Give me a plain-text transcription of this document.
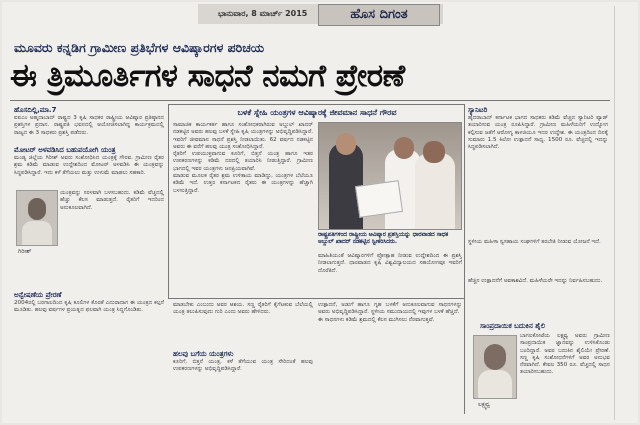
ಭಾನುವಾರ, 8 ಮಾರ್ಚ್ 2015	ಹೊಸ ದಿಗಂತ
ಮೂವರು ಕನ್ನಡಿಗ ಗ್ರಾಮೀಣ ಪ್ರತಿಭೆಗಳ ಆವಿಷ್ಕಾರಗಳ ಪರಿಚಯ
ಈ ತ್ರಿಮೂರ್ತಿಗಳ ಸಾಧನೆ ನಮಗೆ ಪ್ರೇರಣೆ
ಹೊಸದಿಲ್ಲಿ,ಮಾ.7

ಐಐಎಂ ಅಹ್ಮದಾಬಾದ್ ರಾಷ್ಟ್ರದ 3 ಕೃಷಿ ಸಾಧಕರ ರಾಷ್ಟ್ರೀಯ ಆವಿಷ್ಕಾರ ಪ್ರತಿಷ್ಠಾನದ ಪ್ರಶಸ್ತಿಗಳ ಪ್ರದಾನ. ರಾಷ್ಟ್ರಪತಿ ಭವನದಲ್ಲಿ ಆಯೋಜಿಸಲಾಗಿದ್ದ ಕಾರ್ಯಕ್ರಮದಲ್ಲಿ ರಾಜ್ಯದ ಈ 3 ಸಾಧಕರು ಪ್ರಶಸ್ತಿ ಪಡೆದರು.

ಮೋಟರ್ ಅಳವಡಿಸಿದ ಬಹುಪಯೋಗಿ ಯಂತ್ರ

ಮಂಡ್ಯ ಜಿಲ್ಲೆಯ ಗಿರೀಶ್ ಅವರು ಸಂಶೋಧಿಸಿದ ಯಂತ್ರಕ್ಕೆ ಗೌರವ. ಗ್ರಾಮೀಣ ರೈತರ ಶ್ರಮ ಕಡಿಮೆ ಮಾಡುವ ಉದ್ದೇಶದಿಂದ ಮೋಟರ್ ಅಳವಡಿಸಿ ಈ ಯಂತ್ರವನ್ನು ಸಿದ್ಧಪಡಿಸಿದ್ದಾರೆ. ಇದು ಕಳೆ ತೆಗೆಯಲು ಮತ್ತು ಉಳುಮೆ ಮಾಡಲು ಸಹಕಾರಿ.

ಗಿರೀಶ್

ಯಂತ್ರವನ್ನು ಸರಳವಾಗಿ ಬಳಸಬಹುದು. ಕಡಿಮೆ ವೆಚ್ಚದಲ್ಲಿ ಹೆಚ್ಚು ಕೆಲಸ ಮಾಡುತ್ತದೆ. ರೈತರಿಗೆ ಇದರಿಂದ ಅನುಕೂಲವಾಗಿದೆ.

ಅನ್ವೇಷಣೆಯ ಪ್ರೇರಣೆ

2004ರಲ್ಲಿ ಬರಗಾಲದಿಂದ ಕೃಷಿ ಕೂಲಿಗಳ ಕೊರತೆ ಎದುರಾದಾಗ ಈ ಯಂತ್ರದ ಕಲ್ಪನೆ ಮೂಡಿತು. ಹಲವು ವರ್ಷಗಳ ಪ್ರಯತ್ನದ ಫಲವಾಗಿ ಯಂತ್ರ ಸಿದ್ಧಗೊಂಡಿತು.

ಬಳಕೆ ಸ್ನೇಹಿ ಯಂತ್ರಗಳ ಆವಿಷ್ಕಾರಕ್ಕೆ ಜೀವಮಾನ ಸಾಧನೆ ಗೌರವ

ಸಾಮಾಜಿಕ ಕಾರ್ಯಕರ್ತ ಹಾಗೂ ಸಂಶೋಧಕರಾಗಿರುವ ಅಬ್ದುಲ್ ಖಾದರ್ ನಡಕಟ್ಟಿನ ಅವರು ಹಲವು ಬಳಕೆ ಸ್ನೇಹಿ ಕೃಷಿ ಯಂತ್ರಗಳನ್ನು ಅಭಿವೃದ್ಧಿಪಡಿಸಿದ್ದಾರೆ. ಇವರಿಗೆ ಜೀವಮಾನ ಸಾಧನೆ ಪ್ರಶಸ್ತಿ ನೀಡಲಾಯಿತು. 62 ವರ್ಷದ ನಡಕಟ್ಟಿನ ಅವರು ಈ ವರೆಗೆ ಹಲವು ಯಂತ್ರ ಸಂಶೋಧಿಸಿದ್ದಾರೆ.

ರೈತರಿಗೆ ಉಪಯುಕ್ತವಾಗುವ ಕೂರಿಗೆ, ಬಿತ್ತನೆ ಯಂತ್ರ ಹಾಗೂ ಇತರ ಉಪಕರಣಗಳನ್ನು ಕಡಿಮೆ ದರದಲ್ಲಿ ತಯಾರಿಸಿ ನೀಡುತ್ತಿದ್ದಾರೆ. ಗ್ರಾಮೀಣ ಭಾಗದಲ್ಲಿ ಇವರ ಯಂತ್ರಗಳು ಜನಪ್ರಿಯವಾಗಿವೆ.

ಮಾಡುವ ಮೂಲಕ ರೈತರ ಶ್ರಮ ಉಳಿತಾಯ ಮಾಡಿದ್ದು, ಯಂತ್ರಗಳ ಬೆಲೆಯೂ ಕಡಿಮೆ ಇದೆ. ಉತ್ತರ ಕರ್ನಾಟಕದ ರೈತರು ಈ ಯಂತ್ರಗಳನ್ನು ಹೆಚ್ಚಾಗಿ ಬಳಸುತ್ತಿದ್ದಾರೆ.

ರಾಷ್ಟ್ರಪತಿಗಳಿಂದ ರಾಷ್ಟ್ರೀಯ ಆವಿಷ್ಕಾರ ಪ್ರಶಸ್ತಿಯನ್ನು ಧಾರವಾಡದ ಸಾಧಕ ಅಬ್ದುಲ್ ಖಾದರ್ ನಡಕಟ್ಟಿನ ಸ್ವೀಕರಿಸಿದರು.

ಮಾಹಿತಿಯಂತೆ ಆವಿಷ್ಕಾರಗಳಿಗೆ ಪ್ರೋತ್ಸಾಹ ನೀಡುವ ಉದ್ದೇಶದಿಂದ ಈ ಪ್ರಶಸ್ತಿ ನೀಡಲಾಗುತ್ತದೆ. ಧಾರವಾಡದ ಕೃಷಿ ವಿಶ್ವವಿದ್ಯಾಲಯದ ಸಹಯೋಗವೂ ಇವರಿಗೆ ದೊರೆತಿದೆ.

ಮಾಡಬೇಕು ಎಂಬುದು ಅವರ ಆಶಯ. ಸಣ್ಣ ರೈತರಿಗೆ ಕೈಗೆಟಕುವ ಬೆಲೆಯಲ್ಲಿ ಯಂತ್ರ ತಲುಪಿಸುವುದು ಗುರಿ ಎಂದು ಅವರು ಹೇಳಿದರು.

ಹಲವು ಬಗೆಯ ಯಂತ್ರಗಳು

ಕೂರಿಗೆ, ಬಿತ್ತನೆ ಯಂತ್ರ, ಕಳೆ ತೆಗೆಯುವ ಯಂತ್ರ ಸೇರಿದಂತೆ ಹಲವು ಉಪಕರಣಗಳನ್ನು ಅಭಿವೃದ್ಧಿಪಡಿಸಿದ್ದಾರೆ.

ಉತ್ಪಾದನೆ, ಅಡುಗೆ ಹಾಗೂ ಗೃಹ ಬಳಕೆಗೆ ಅನುಕೂಲವಾಗುವ ಸಾಧನಗಳನ್ನು ಅವರು ಅಭಿವೃದ್ಧಿಪಡಿಸಿದ್ದಾರೆ. ಸ್ಥಳೀಯ ಸಮುದಾಯದಲ್ಲಿ ಇವುಗಳ ಬಳಕೆ ಹೆಚ್ಚಿದೆ.

ಈ ಸಾಧನಗಳು ಕಡಿಮೆ ಶ್ರಮದಲ್ಲಿ ಕೆಲಸ ಮುಗಿಸಲು ನೆರವಾಗುತ್ತವೆ.

ಸ್ಯಾನಿಟರಿ

ಹೈದರಾಬಾದ್ ಕರ್ನಾಟಕ ಭಾಗದ ಸಾಧಕರು ಕಡಿಮೆ ವೆಚ್ಚದ ಸ್ಯಾನಿಟರಿ ಪ್ಯಾಡ್ ತಯಾರಿಸುವ ಯಂತ್ರ ರೂಪಿಸಿದ್ದಾರೆ. ಗ್ರಾಮೀಣ ಮಹಿಳೆಯರಿಗೆ ಉದ್ಯೋಗ ಕಲ್ಪಿಸುವ ಜತೆಗೆ ಆರೋಗ್ಯ ಕಾಳಜಿಯೂ ಇದರ ಉದ್ದೇಶ. ಈ ಯಂತ್ರದಿಂದ ದಿನಕ್ಕೆ ಸುಮಾರು 1.5 ಕಿಲೋ ಉತ್ಪಾದನೆ ಸಾಧ್ಯ. 1500 ರೂ. ವೆಚ್ಚದಲ್ಲಿ ಇದನ್ನು ಸಿದ್ಧಪಡಿಸಲಾಗಿದೆ.

ಸ್ಥಳೀಯ ಮಹಿಳಾ ಸ್ವಸಹಾಯ ಸಂಘಗಳಿಗೆ ತರಬೇತಿ ನೀಡುವ ಯೋಜನೆ ಇದೆ.

ಹೆಚ್ಚಿನ ಉತ್ಪಾದನೆಗೆ ಅವಕಾಶವಿದೆ. ಮಹಿಳೆಯರೇ ಇದನ್ನು ನಿರ್ವಹಿಸಬಹುದು.

ಸಾಂಪ್ರದಾಯಿಕ ಬದುಕಿನ ಶೈಲಿ
ಲಕ್ಷ್ಮವ್ವ

ಬಾಗಲಕೋಟೆಯ ಲಕ್ಷ್ಮವ್ವ ಅವರು ಗ್ರಾಮೀಣ ಸಾಂಪ್ರದಾಯಿಕ ಜ್ಞಾನವನ್ನು ಉಳಿಸಿಕೊಂಡು ಬಂದಿದ್ದಾರೆ. ಅವರ ಬದುಕಿನ ಶೈಲಿಯೇ ಪ್ರೇರಣೆ. ಸಣ್ಣ ಕೃಷಿ ಸಂಶೋಧನೆಗಳಿಗೆ ಅವರ ಅನುಭವ ನೆರವಾಗಿದೆ. ಕೇವಲ 350 ರೂ. ವೆಚ್ಚದಲ್ಲಿ ಸಾಧನ ತಯಾರಿಸಬಹುದು.
